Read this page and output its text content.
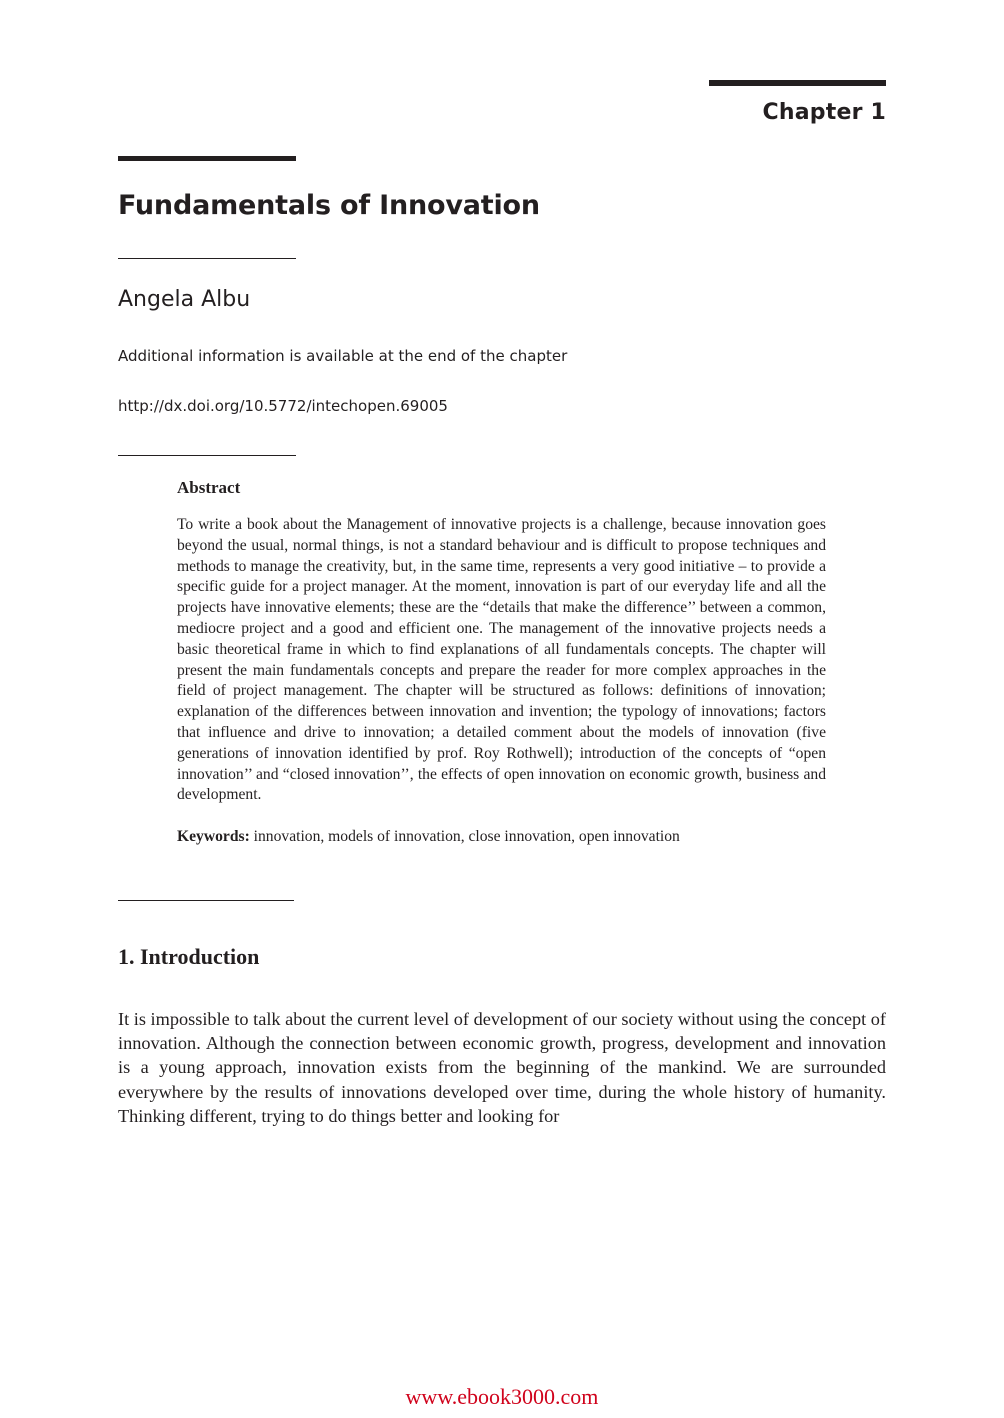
Chapter 1
Fundamentals of Innovation
Angela Albu
Additional information is available at the end of the chapter
http://dx.doi.org/10.5772/intechopen.69005
Abstract

To write a book about the Management of innovative projects is a challenge, because innovation goes beyond the usual, normal things, is not a standard behaviour and is difficult to propose techniques and methods to manage the creativity, but, in the same time, represents a very good initiative – to provide a specific guide for a project manager. At the moment, innovation is part of our everyday life and all the projects have innovative elements; these are the “details that make the difference’’ between a common, mediocre project and a good and efficient one. The management of the innovative projects needs a basic theoretical frame in which to find explanations of all fundamentals concepts. The chapter will present the main fundamentals concepts and prepare the reader for more complex approaches in the field of project management. The chapter will be structured as follows: definitions of innovation; explanation of the differences between innovation and invention; the typology of innovations; factors that influence and drive to innovation; a detailed comment about the models of innovation (five generations of innovation identified by prof. Roy Rothwell); introduction of the concepts of “open innovation’’ and “closed innovation’’, the effects of open innovation on economic growth, business and development.

Keywords: innovation, models of innovation, close innovation, open innovation

1. Introduction

It is impossible to talk about the current level of development of our society without using the concept of innovation. Although the connection between economic growth, progress, development and innovation is a young approach, innovation exists from the beginning of the mankind. We are surrounded everywhere by the results of innovations developed over time, during the whole history of humanity. Thinking different, trying to do things better and looking for

www.ebook3000.com
